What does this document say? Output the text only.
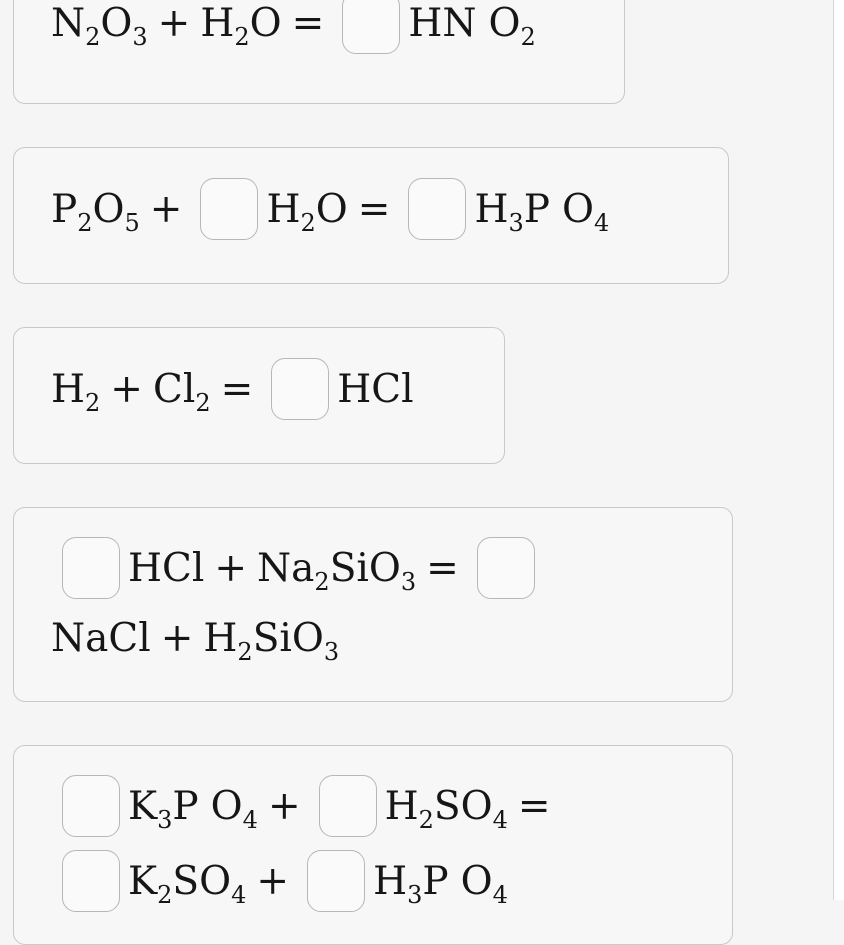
$N_2O_3 + H_2O$ = HN $O_2$
$P_2O_5 + H_2O = H_3P$ $O_4$
$H_2 + Cl_2$ = HCl
HCl + $Na_2SiO_3$ =
NaCl + $H_2SiO_3$
$K_3P$ $O_4 + H_2SO_4$ =
$K_2SO_4 + H_3P$ $O_4$
